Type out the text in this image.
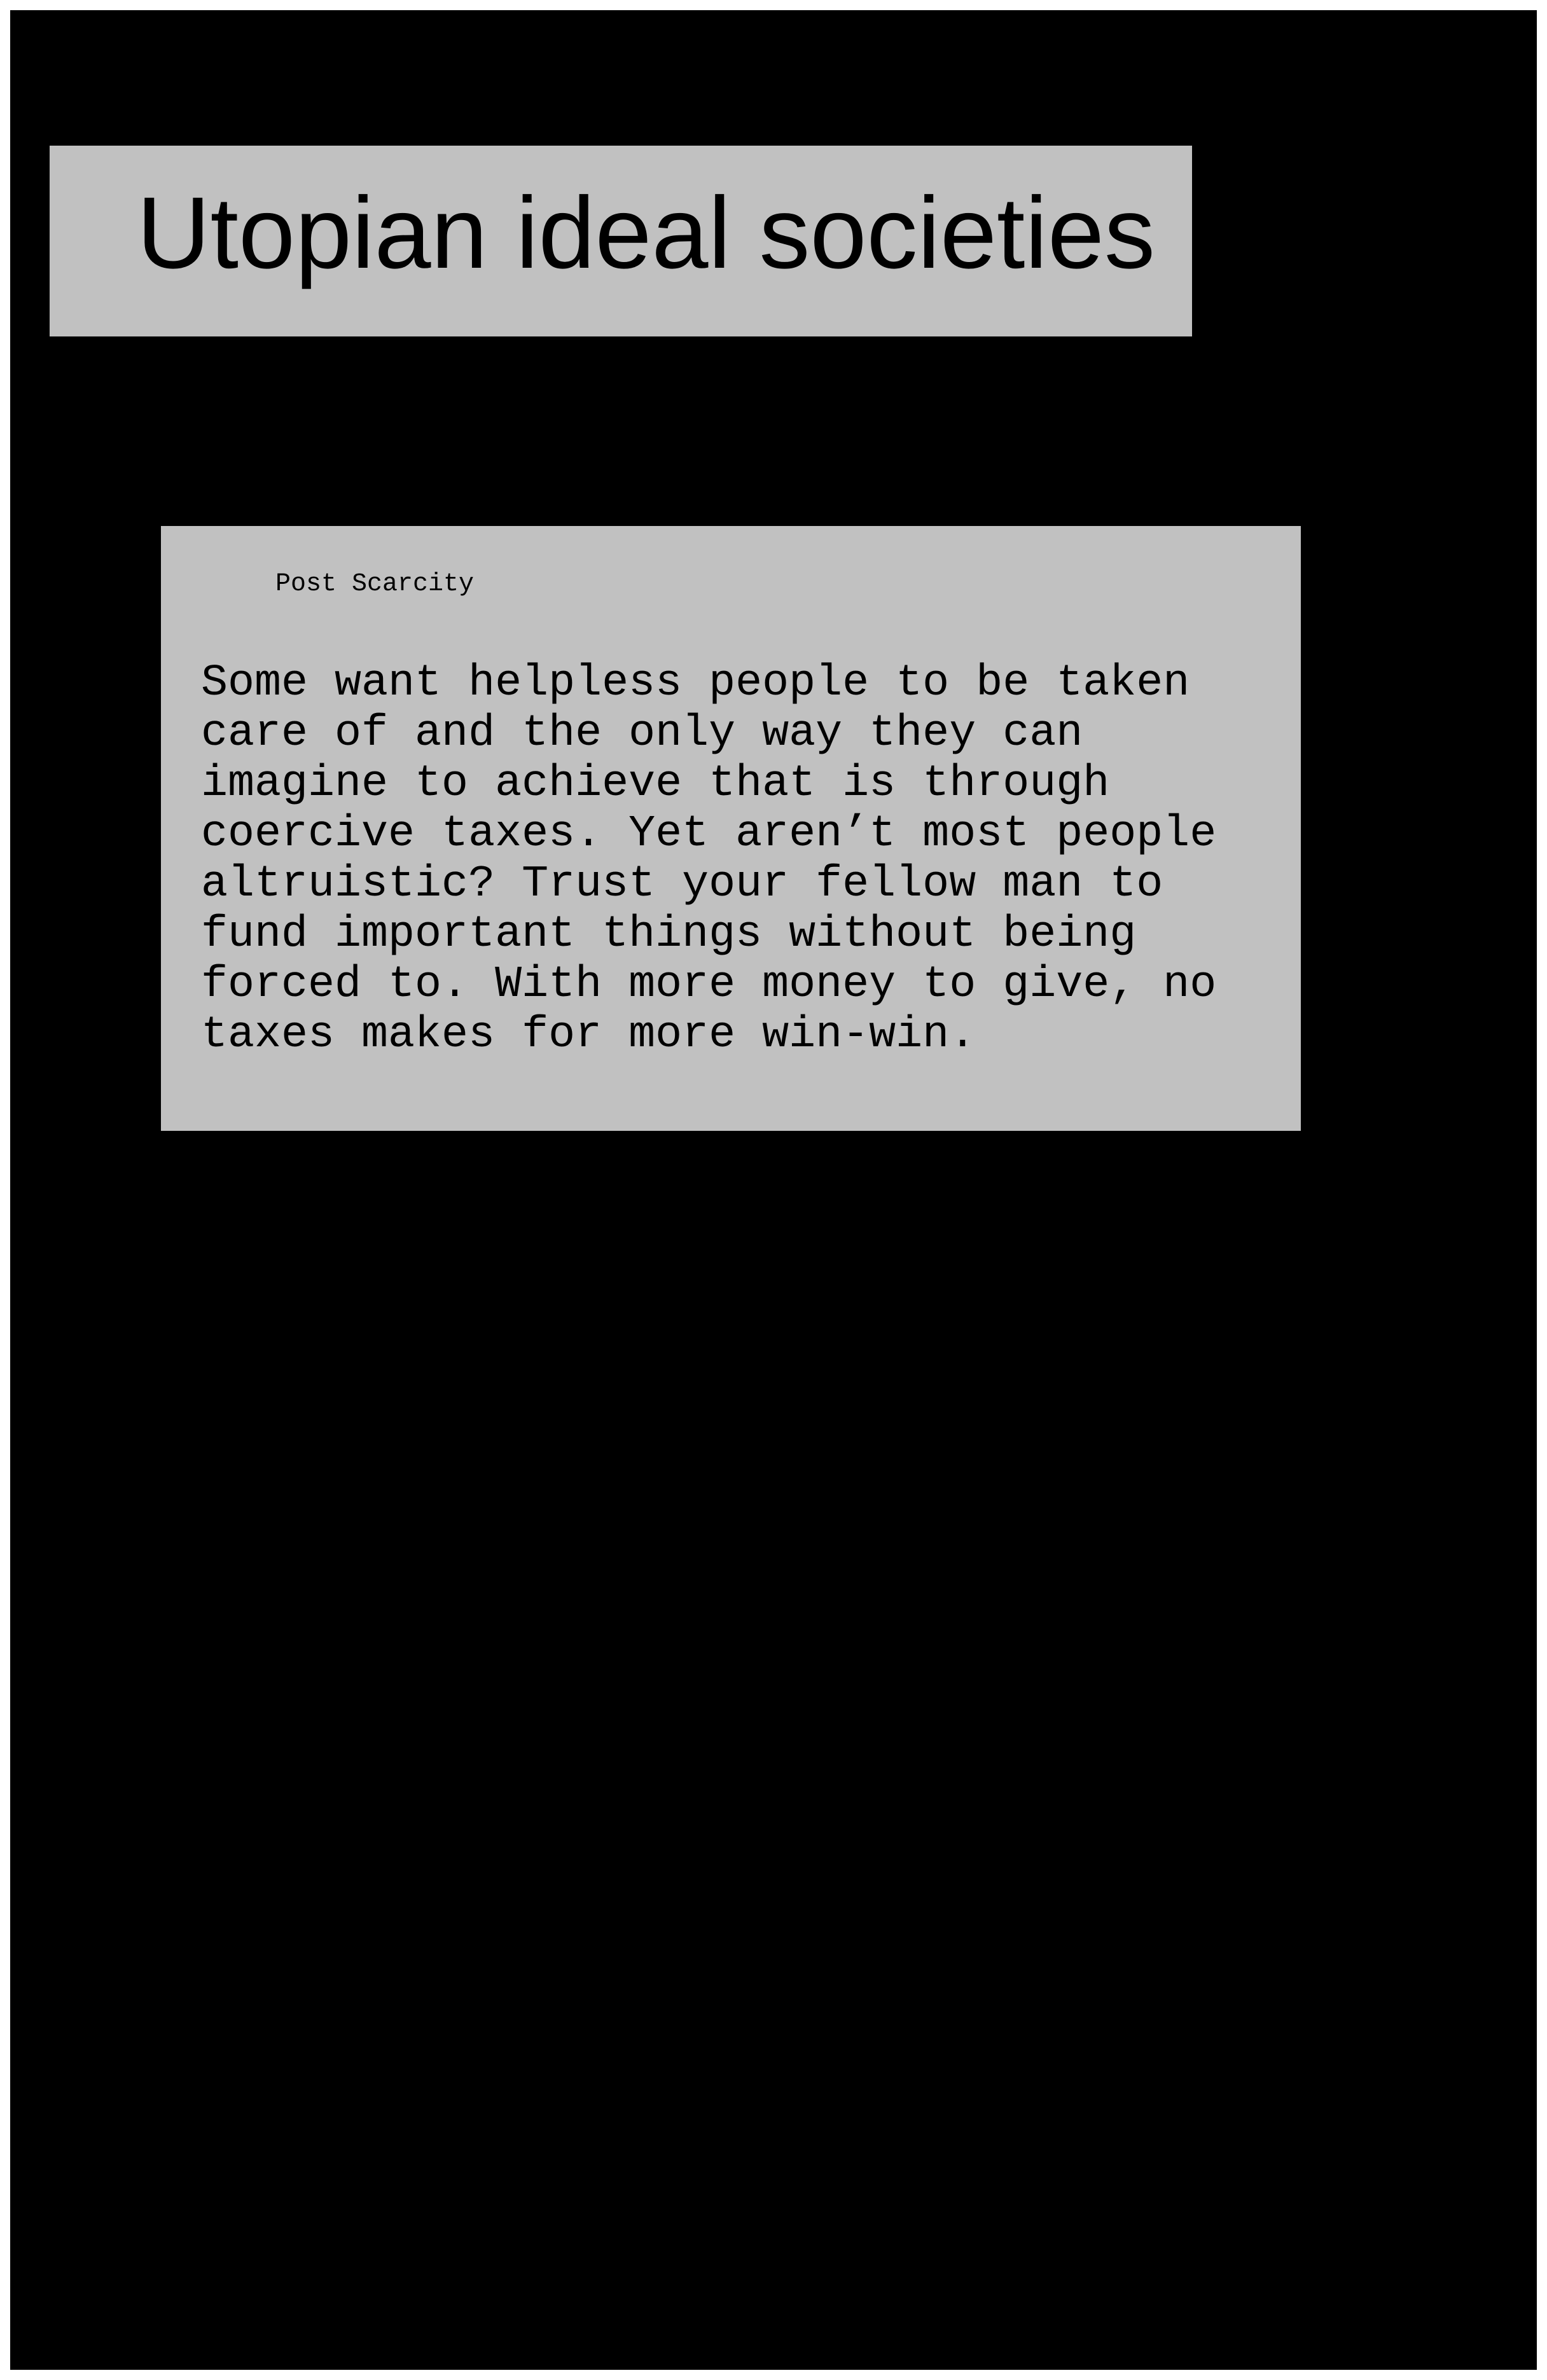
Utopian ideal societies

Post Scarcity

Some want helpless people to be taken care of and the only way they can imagine to achieve that is through coercive taxes. Yet aren’t most people altruistic? Trust your fellow man to fund important things without being forced to. With more money to give, no taxes makes for more win-win.
